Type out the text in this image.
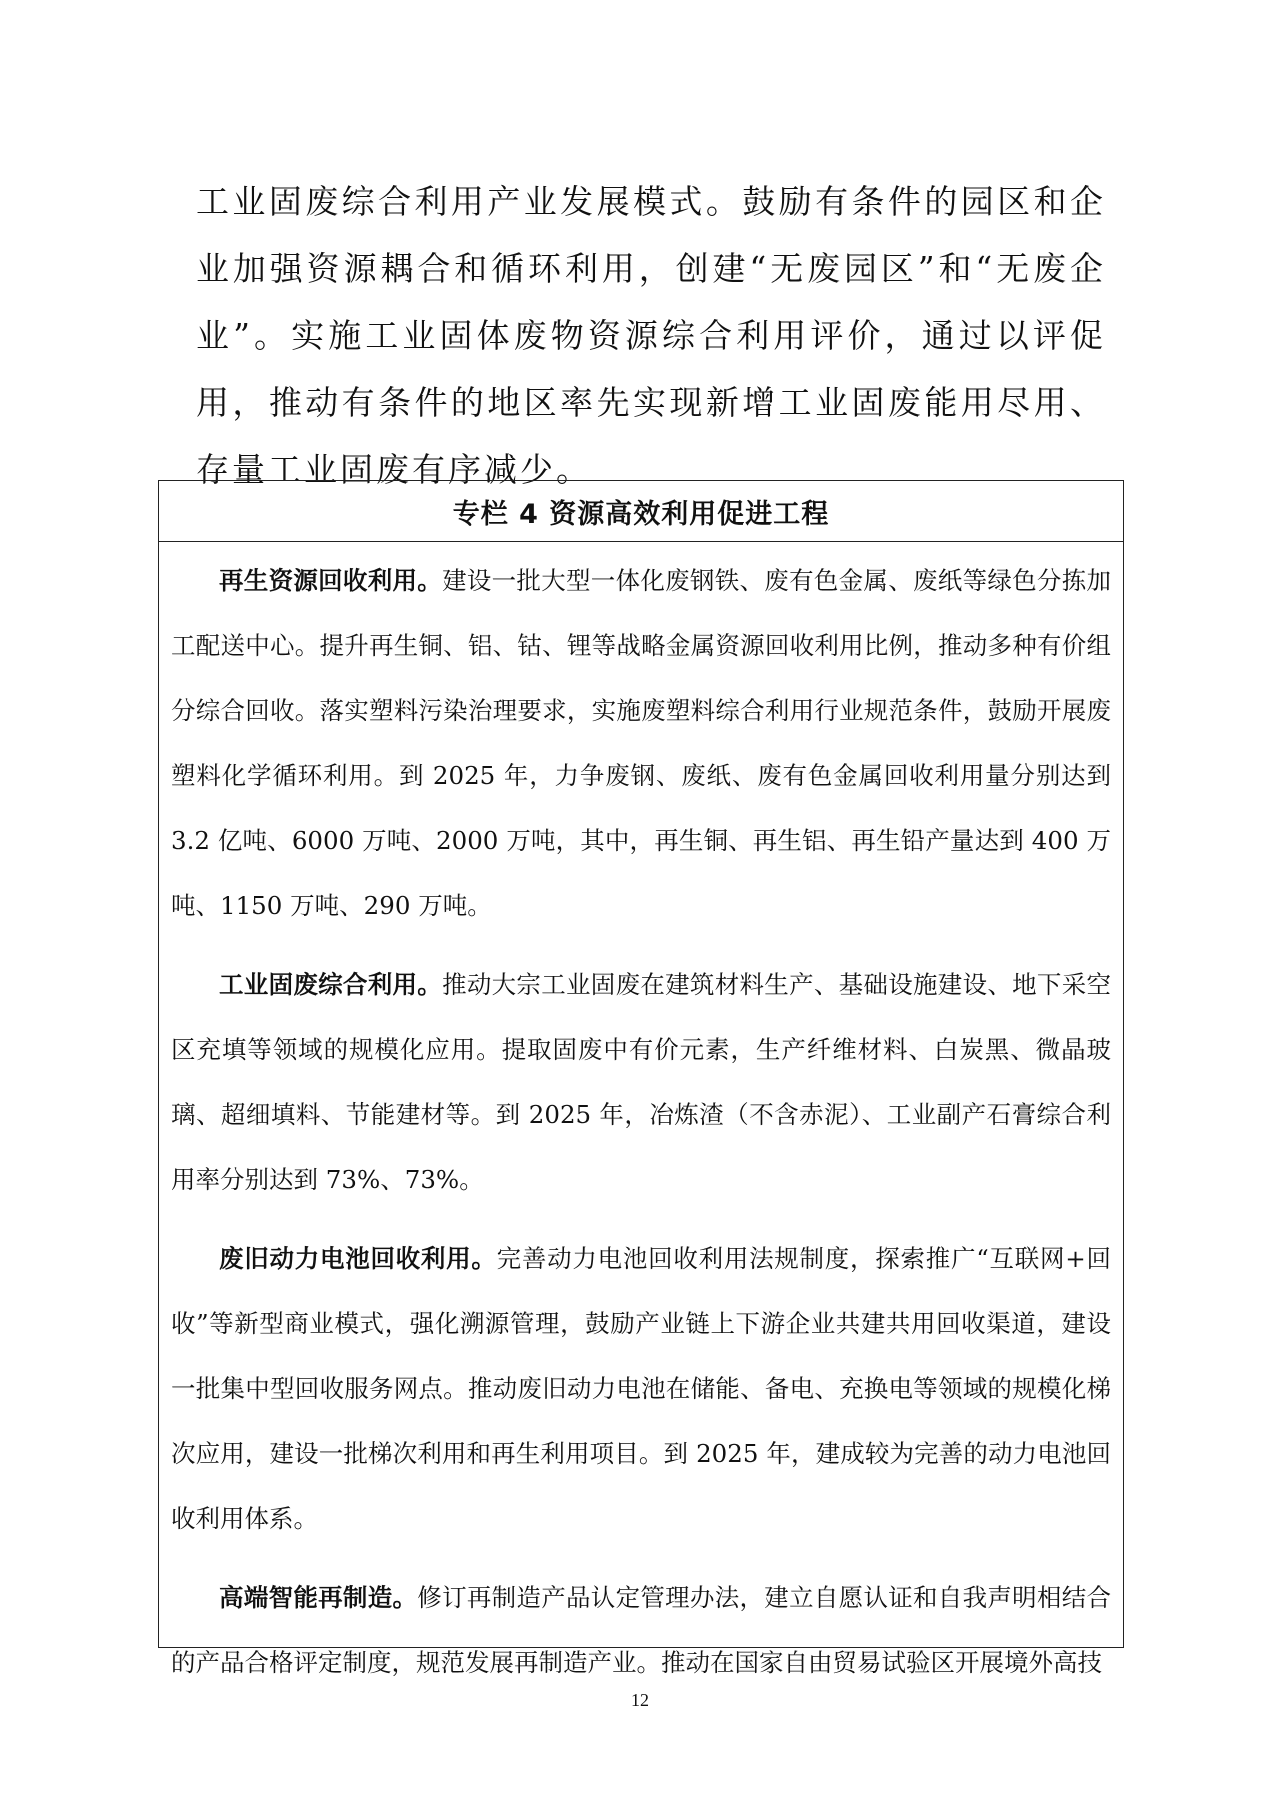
工业固废综合利用产业发展模式。鼓励有条件的园区和企业加强资源耦合和循环利用，创建“无废园区”和“无废企业”。实施工业固体废物资源综合利用评价，通过以评促用，推动有条件的地区率先实现新增工业固废能用尽用、存量工业固废有序减少。

专栏 4 资源高效利用促进工程

再生资源回收利用。建设一批大型一体化废钢铁、废有色金属、废纸等绿色分拣加工配送中心。提升再生铜、铝、钴、锂等战略金属资源回收利用比例，推动多种有价组分综合回收。落实塑料污染治理要求，实施废塑料综合利用行业规范条件，鼓励开展废塑料化学循环利用。到 2025 年，力争废钢、废纸、废有色金属回收利用量分别达到 3.2 亿吨、6000 万吨、2000 万吨，其中，再生铜、再生铝、再生铅产量达到 400 万吨、1150 万吨、290 万吨。

工业固废综合利用。推动大宗工业固废在建筑材料生产、基础设施建设、地下采空区充填等领域的规模化应用。提取固废中有价元素，生产纤维材料、白炭黑、微晶玻璃、超细填料、节能建材等。到 2025 年，冶炼渣（不含赤泥）、工业副产石膏综合利用率分别达到 73%、73%。

废旧动力电池回收利用。完善动力电池回收利用法规制度，探索推广“互联网+回收”等新型商业模式，强化溯源管理，鼓励产业链上下游企业共建共用回收渠道，建设一批集中型回收服务网点。推动废旧动力电池在储能、备电、充换电等领域的规模化梯次应用，建设一批梯次利用和再生利用项目。到 2025 年，建成较为完善的动力电池回收利用体系。

高端智能再制造。修订再制造产品认定管理办法，建立自愿认证和自我声明相结合的产品合格评定制度，规范发展再制造产业。推动在国家自由贸易试验区开展境外高技

12
